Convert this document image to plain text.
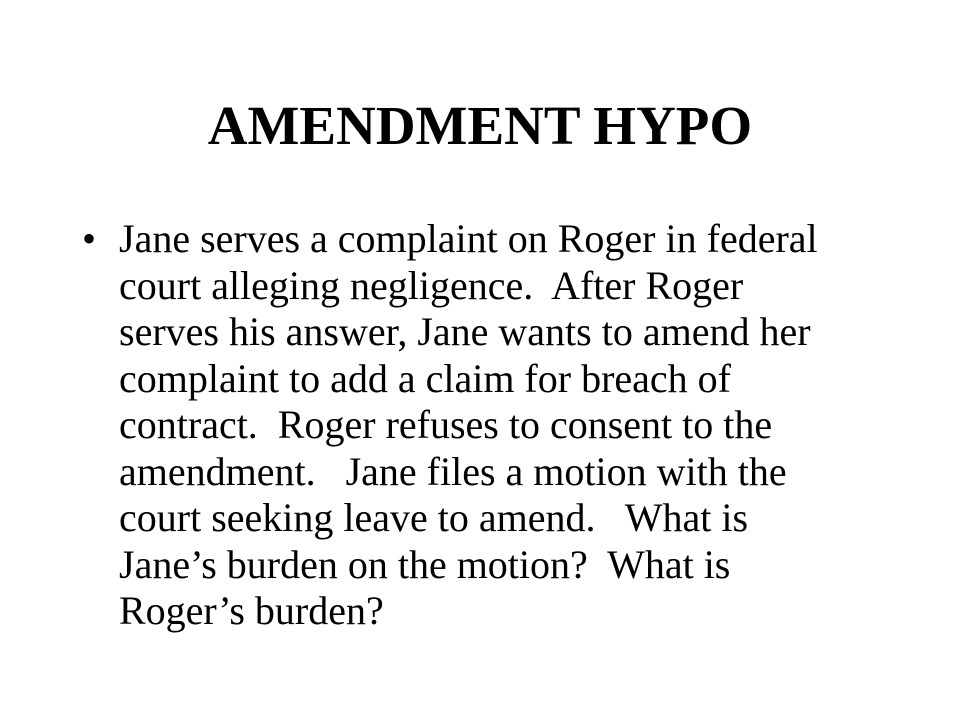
AMENDMENT HYPO
• Jane serves a complaint on Roger in federal
court alleging negligence.  After Roger
serves his answer, Jane wants to amend her
complaint to add a claim for breach of
contract.  Roger refuses to consent to the
amendment.   Jane files a motion with the
court seeking leave to amend.   What is
Jane’s burden on the motion?  What is
Roger’s burden?
